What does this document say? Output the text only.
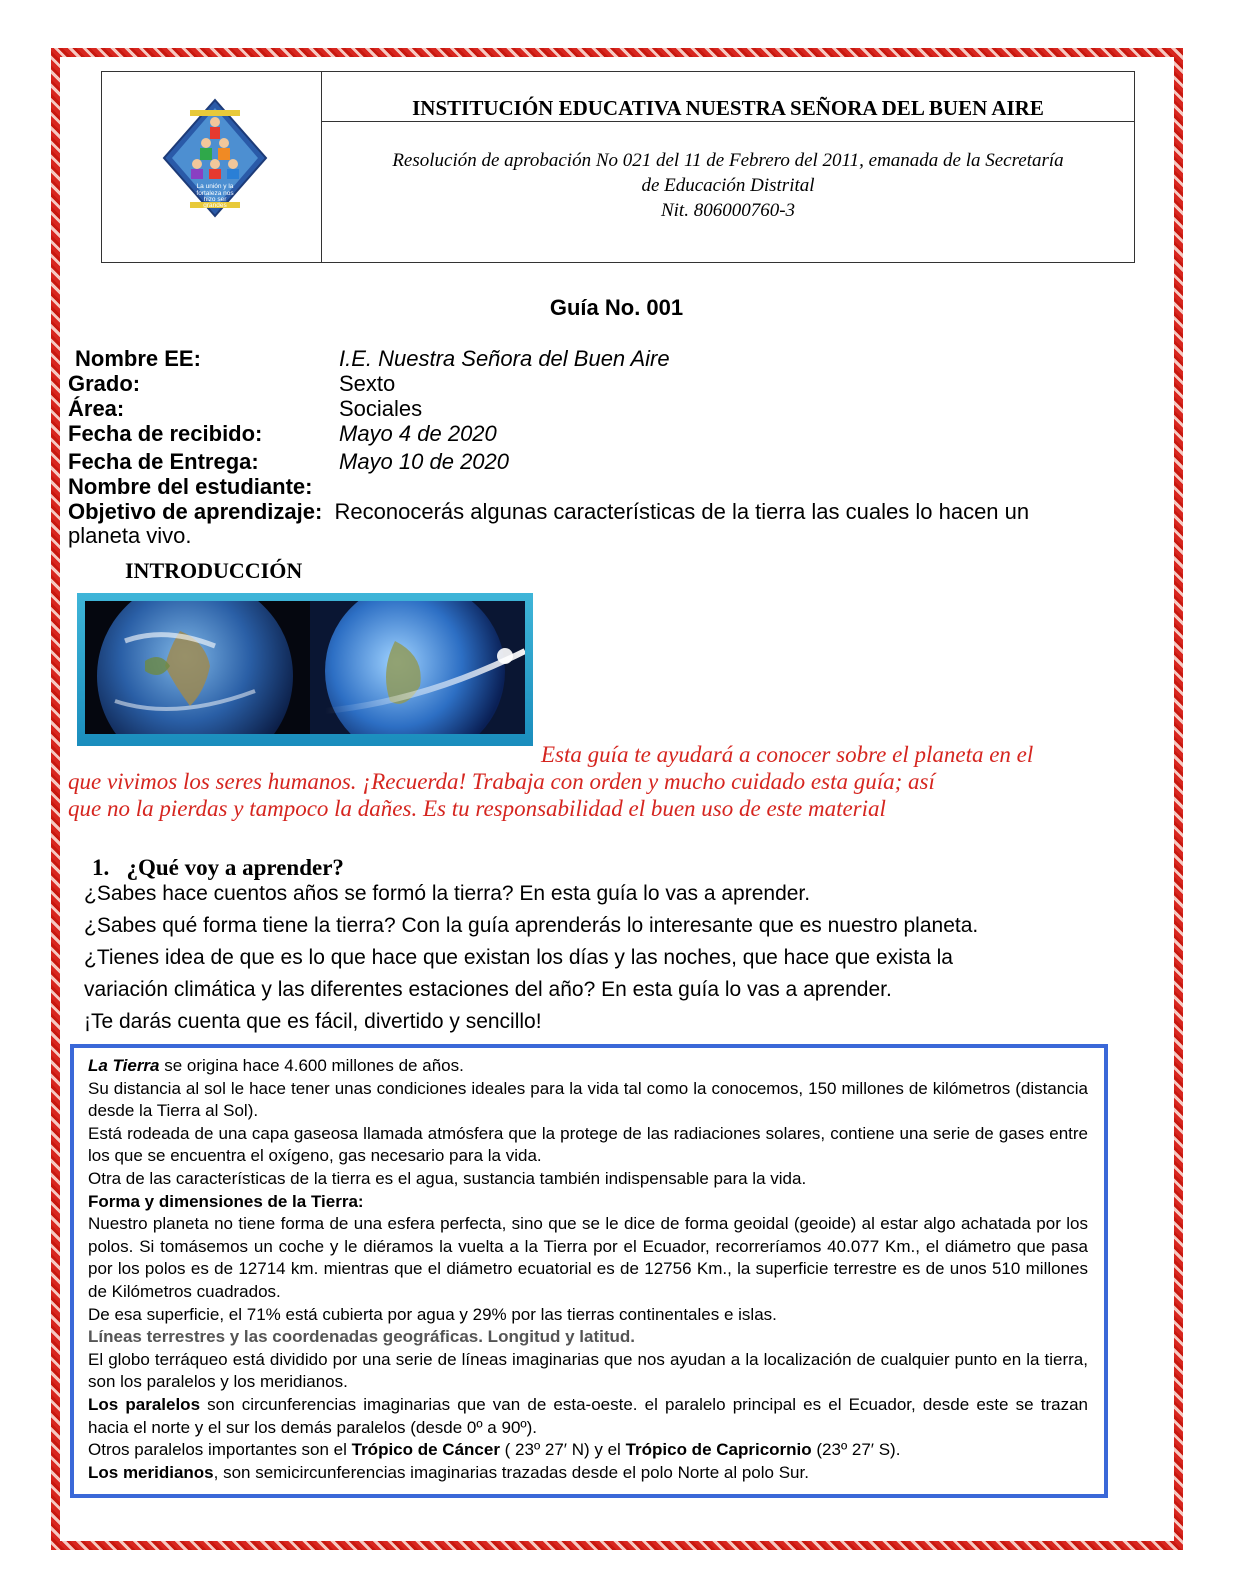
La unión y la
fortaleza nos
hizo ser
grandes
INSTITUCIÓN EDUCATIVA NUESTRA SEÑORA DEL BUEN AIRE
Resolución de aprobación No 021 del 11 de Febrero del 2011, emanada de la Secretaría
de Educación Distrital
Nit. 806000760-3
Guía No. 001
Nombre EE:	I.E. Nuestra Señora del Buen Aire
Grado:	Sexto
Área:	Sociales
Fecha de recibido:	Mayo 4 de 2020
Fecha de Entrega:	Mayo 10 de 2020
Nombre del estudiante:
Objetivo de aprendizaje: Reconocerás algunas características de la tierra las cuales lo hacen un
planeta vivo.
INTRODUCCIÓN
Esta guía te ayudará a conocer sobre el planeta en el
que vivimos los seres humanos. ¡Recuerda! Trabaja con orden y mucho cuidado esta guía; así
que no la pierdas y tampoco la dañes. Es tu responsabilidad el buen uso de este material
1. ¿Qué voy a aprender?
¿Sabes hace cuentos años se formó la tierra? En esta guía lo vas a aprender.
¿Sabes qué forma tiene la tierra? Con la guía aprenderás lo interesante que es nuestro planeta.
¿Tienes idea de que es lo que hace que existan los días y las noches, que hace que exista la
variación climática y las diferentes estaciones del año? En esta guía lo vas a aprender.
¡Te darás cuenta que es fácil, divertido y sencillo!

La Tierra se origina hace 4.600 millones de años.

Su distancia al sol le hace tener unas condiciones ideales para la vida tal como la conocemos, 150 millones de kilómetros (distancia desde la Tierra al Sol).

Está rodeada de una capa gaseosa llamada atmósfera que la protege de las radiaciones solares, contiene una serie de gases entre los que se encuentra el oxígeno, gas necesario para la vida.

Otra de las características de la tierra es el agua, sustancia también indispensable para la vida.

Forma y dimensiones de la Tierra:

Nuestro planeta no tiene forma de una esfera perfecta, sino que se le dice de forma geoidal (geoide) al estar algo achatada por los polos. Si tomásemos un coche y le diéramos la vuelta a la Tierra por el Ecuador, recorreríamos 40.077 Km., el diámetro que pasa por los polos es de 12714 km. mientras que el diámetro ecuatorial es de 12756 Km., la superficie terrestre es de unos 510 millones de Kilómetros cuadrados.

De esa superficie, el 71% está cubierta por agua y 29% por las tierras continentales e islas.

Líneas terrestres y las coordenadas geográficas. Longitud y latitud.

El globo terráqueo está dividido por una serie de líneas imaginarias que nos ayudan a la localización de cualquier punto en la tierra, son los paralelos y los meridianos.

Los paralelos son circunferencias imaginarias que van de esta-oeste. el paralelo principal es el Ecuador, desde este se trazan hacia el norte y el sur los demás paralelos (desde 0º a 90º).

Otros paralelos importantes son el Trópico de Cáncer ( 23º 27′ N) y el Trópico de Capricornio (23º 27′ S).

Los meridianos, son semicircunferencias imaginarias trazadas desde el polo Norte al polo Sur.
